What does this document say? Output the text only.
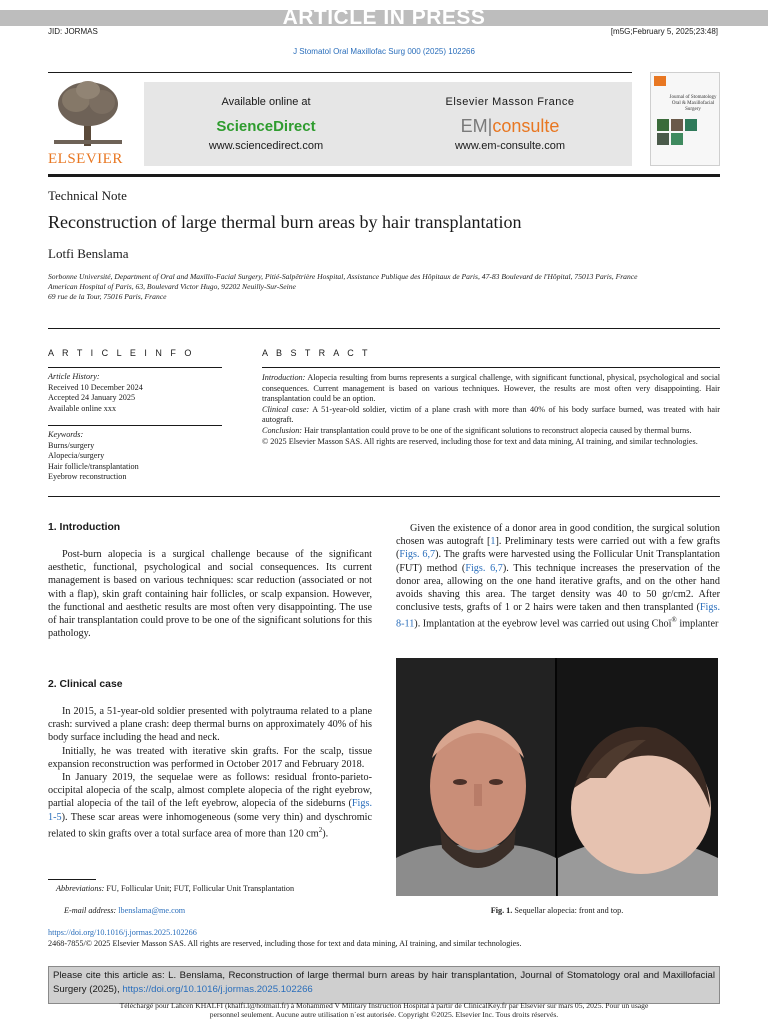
ARTICLE IN PRESS
JID: JORMAS	[m5G;February 5, 2025;23:48]
J Stomatol Oral Maxillofac Surg 000 (2025) 102266
ELSEVIER
Available online at
ScienceDirect
www.sciencedirect.com
Elsevier Masson France
EM|consulte
www.em-consulte.com
Journal of Stomatology Oral & Maxillofacial Surgery
Technical Note
Reconstruction of large thermal burn areas by hair transplantation
Lotfi Benslama
Sorbonne Université, Department of Oral and Maxillo-Facial Surgery, Pitié-Salpêtrière Hospital, Assistance Publique des Hôpitaux de Paris, 47-83 Boulevard de l'Hôpital, 75013 Paris, France
American Hospital of Paris, 63, Boulevard Victor Hugo, 92202 Neuilly-Sur-Seine
69 rue de la Tour, 75016 Paris, France
A R T I C L E I N F O
Article History:
Received 10 December 2024
Accepted 24 January 2025
Available online xxx
Keywords:
Burns/surgery
Alopecia/surgery
Hair follicle/transplantation
Eyebrow reconstruction
A B S T R A C T
Introduction: Alopecia resulting from burns represents a surgical challenge, with significant functional, physical, psychological and social consequences. Current management is based on various techniques. However, the results are most often very disappointing. Hair transplantation could be an option.
Clinical case: A 51-year-old soldier, victim of a plane crash with more than 40% of his body surface burned, was treated with hair autograft.
Conclusion: Hair transplantation could prove to be one of the significant solutions to reconstruct alopecia caused by thermal burns.
© 2025 Elsevier Masson SAS. All rights are reserved, including those for text and data mining, AI training, and similar technologies.
1. Introduction

Post-burn alopecia is a surgical challenge because of the significant aesthetic, functional, psychological and social consequences. Its current management is based on various techniques: scar reduction (associated or not with a flap), skin graft containing hair follicles, or scalp expansion. However, the functional and aesthetic results are most often very disappointing. The use of hair transplantation could prove to be one of the significant solutions for this pathology.

2. Clinical case

In 2015, a 51-year-old soldier presented with polytrauma related to a plane crash: survived a plane crash: deep thermal burns on approximately 40% of his body surface including the head and neck.

Initially, he was treated with iterative skin grafts. For the scalp, tissue expansion reconstruction was performed in October 2017 and February 2018.

In January 2019, the sequelae were as follows: residual fronto-parieto-occipital alopecia of the scalp, almost complete alopecia of the right eyebrow, partial alopecia of the tail of the left eyebrow, alopecia of the sideburns (Figs. 1-5). These scar areas were inhomogeneous (some very thin) and dyschromic related to skin grafts over a total surface area of more than 120 $cm^2$).

Abbreviations: FU, Follicular Unit; FUT, Follicular Unit Transplantation
E-mail address: lbenslama@me.com

Given the existence of a donor area in good condition, the surgical solution chosen was autograft [1]. Preliminary tests were carried out with a few grafts (Figs. 6,7). The grafts were harvested using the Follicular Unit Transplantation (FUT) method (Figs. 6,7). This technique increases the preservation of the donor area, allowing on the one hand iterative grafts, and on the other hand avoids shaving this area. The target density was 40 to 50 gr/cm2. After conclusive tests, grafts of 1 or 2 hairs were taken and then transplanted (Figs. 8-11). Implantation at the eyebrow level was carried out using Choï® implanter

Fig. 1. Sequellar alopecia: front and top.
https://doi.org/10.1016/j.jormas.2025.102266
2468-7855/© 2025 Elsevier Masson SAS. All rights are reserved, including those for text and data mining, AI training, and similar technologies.
Please cite this article as: L. Benslama, Reconstruction of large thermal burn areas by hair transplantation, Journal of Stomatology oral and Maxillofacial Surgery (2025), https://doi.org/10.1016/j.jormas.2025.102266
Téléchargé pour Lahcen KHALFI (khalfi.l@hotmail.fr) à Mohammed V Military Instruction Hospital à partir de ClinicalKey.fr par Elsevier sur mars 05, 2025. Pour un usage personnel seulement. Aucune autre utilisation n´est autorisée. Copyright ©2025. Elsevier Inc. Tous droits réservés.
